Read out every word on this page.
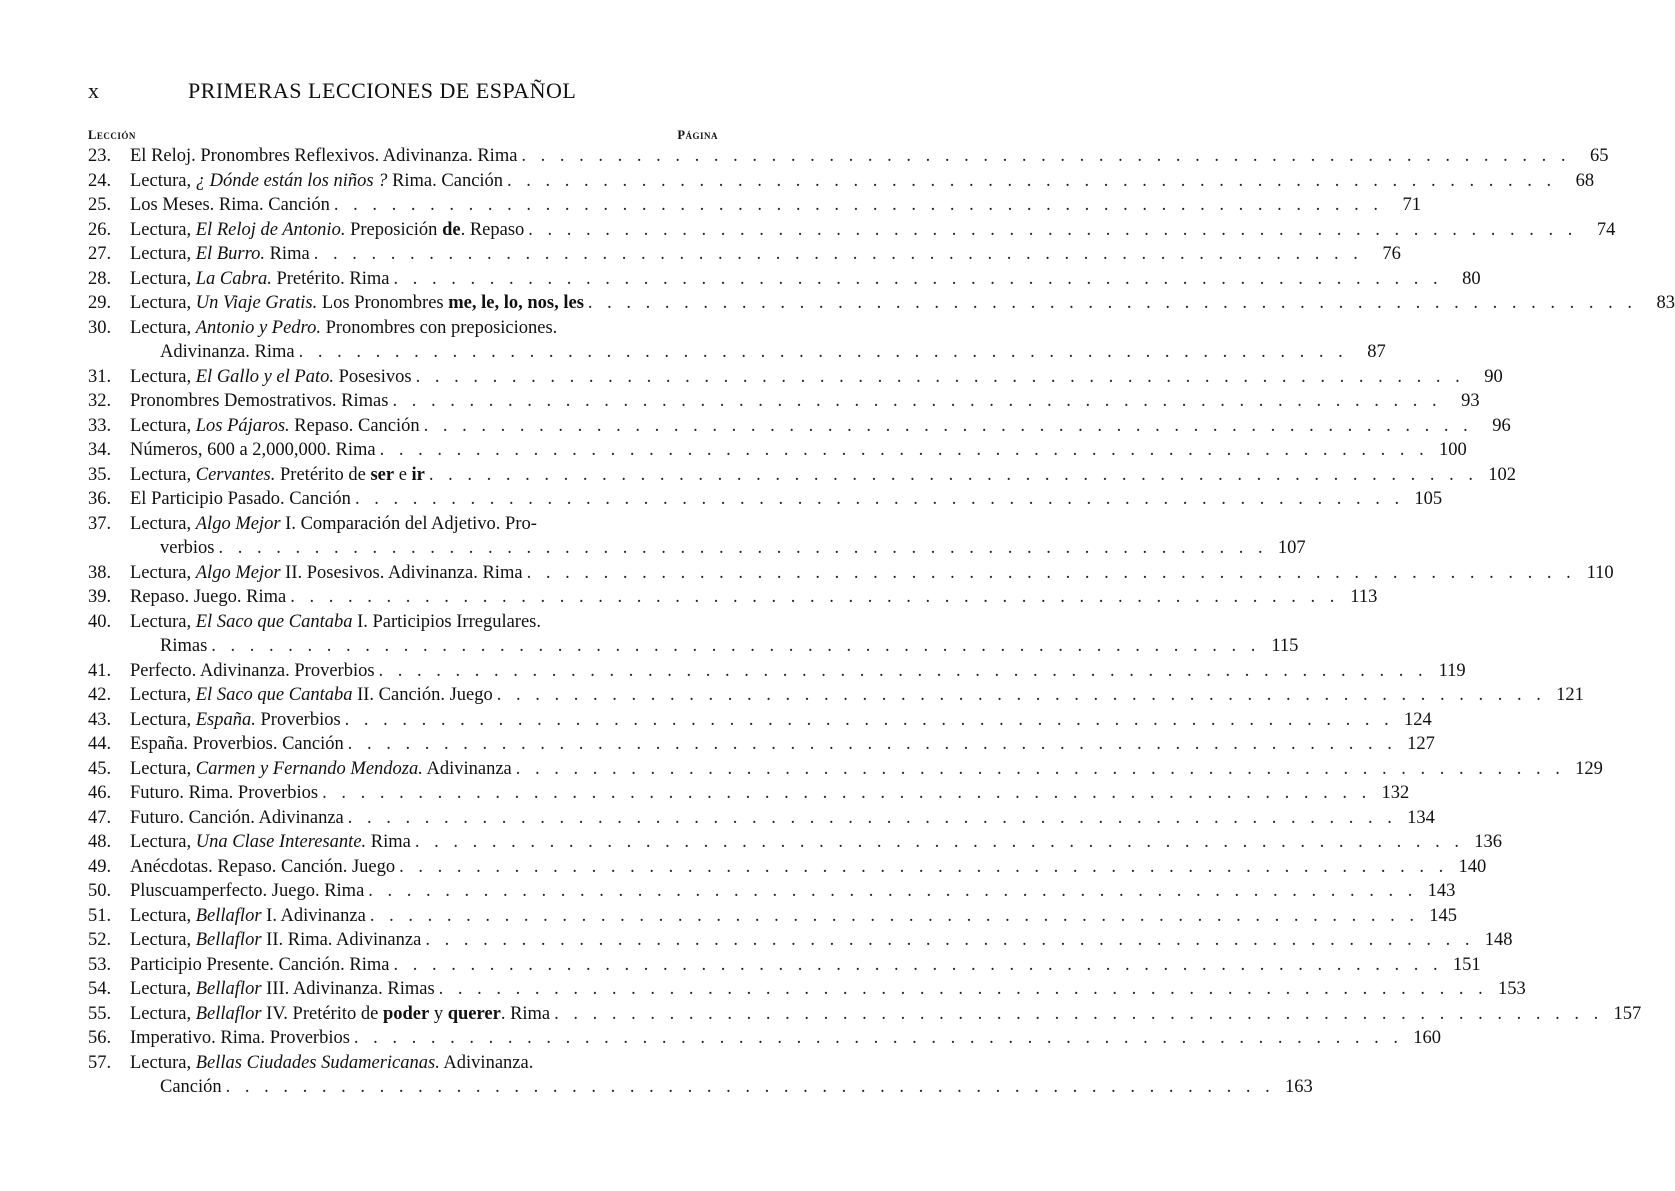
x	PRIMERAS LECCIONES DE ESPAÑOL
Lección	Página
23.	El Reloj. Pronombres Reflexivos. Adivinanza. Rima . . .	65
24.	Lectura, ¿ Dónde están los niños ? Rima. Canción . . .	68
25.	Los Meses. Rima. Canción . . .	71
26.	Lectura, El Reloj de Antonio. Preposición de. Repaso . . .	74
27.	Lectura, El Burro. Rima . . .	76
28.	Lectura, La Cabra. Pretérito. Rima . . .	80
29.	Lectura, Un Viaje Gratis. Los Pronombres me, le, lo, nos, les . . .	83
30.	Lectura, Antonio y Pedro. Pronombres con preposiciones.
Adivinanza. Rima . . .	87
31.	Lectura, El Gallo y el Pato. Posesivos . . .	90
32.	Pronombres Demostrativos. Rimas . . .	93
33.	Lectura, Los Pájaros. Repaso. Canción . . .	96
34.	Números, 600 a 2,000,000. Rima . . .	100
35.	Lectura, Cervantes. Pretérito de ser e ir . . .	102
36.	El Participio Pasado. Canción . . .	105
37.	Lectura, Algo Mejor I. Comparación del Adjetivo. Pro-
verbios . . .	107
38.	Lectura, Algo Mejor II. Posesivos. Adivinanza. Rima . . .	110
39.	Repaso. Juego. Rima . . .	113
40.	Lectura, El Saco que Cantaba I. Participios Irregulares.
Rimas . . .	115
41.	Perfecto. Adivinanza. Proverbios . . .	119
42.	Lectura, El Saco que Cantaba II. Canción. Juego . . .	121
43.	Lectura, España. Proverbios . . .	124
44.	España. Proverbios. Canción . . .	127
45.	Lectura, Carmen y Fernando Mendoza. Adivinanza . . .	129
46.	Futuro. Rima. Proverbios . . .	132
47.	Futuro. Canción. Adivinanza . . .	134
48.	Lectura, Una Clase Interesante. Rima . . .	136
49.	Anécdotas. Repaso. Canción. Juego . . .	140
50.	Pluscuamperfecto. Juego. Rima . . .	143
51.	Lectura, Bellaflor I. Adivinanza . . .	145
52.	Lectura, Bellaflor II. Rima. Adivinanza . . .	148
53.	Participio Presente. Canción. Rima . . .	151
54.	Lectura, Bellaflor III. Adivinanza. Rimas . . .	153
55.	Lectura, Bellaflor IV. Pretérito de poder y querer. Rima . . .	157
56.	Imperativo. Rima. Proverbios . . .	160
57.	Lectura, Bellas Ciudades Sudamericanas. Adivinanza.
Canción . . .	163
